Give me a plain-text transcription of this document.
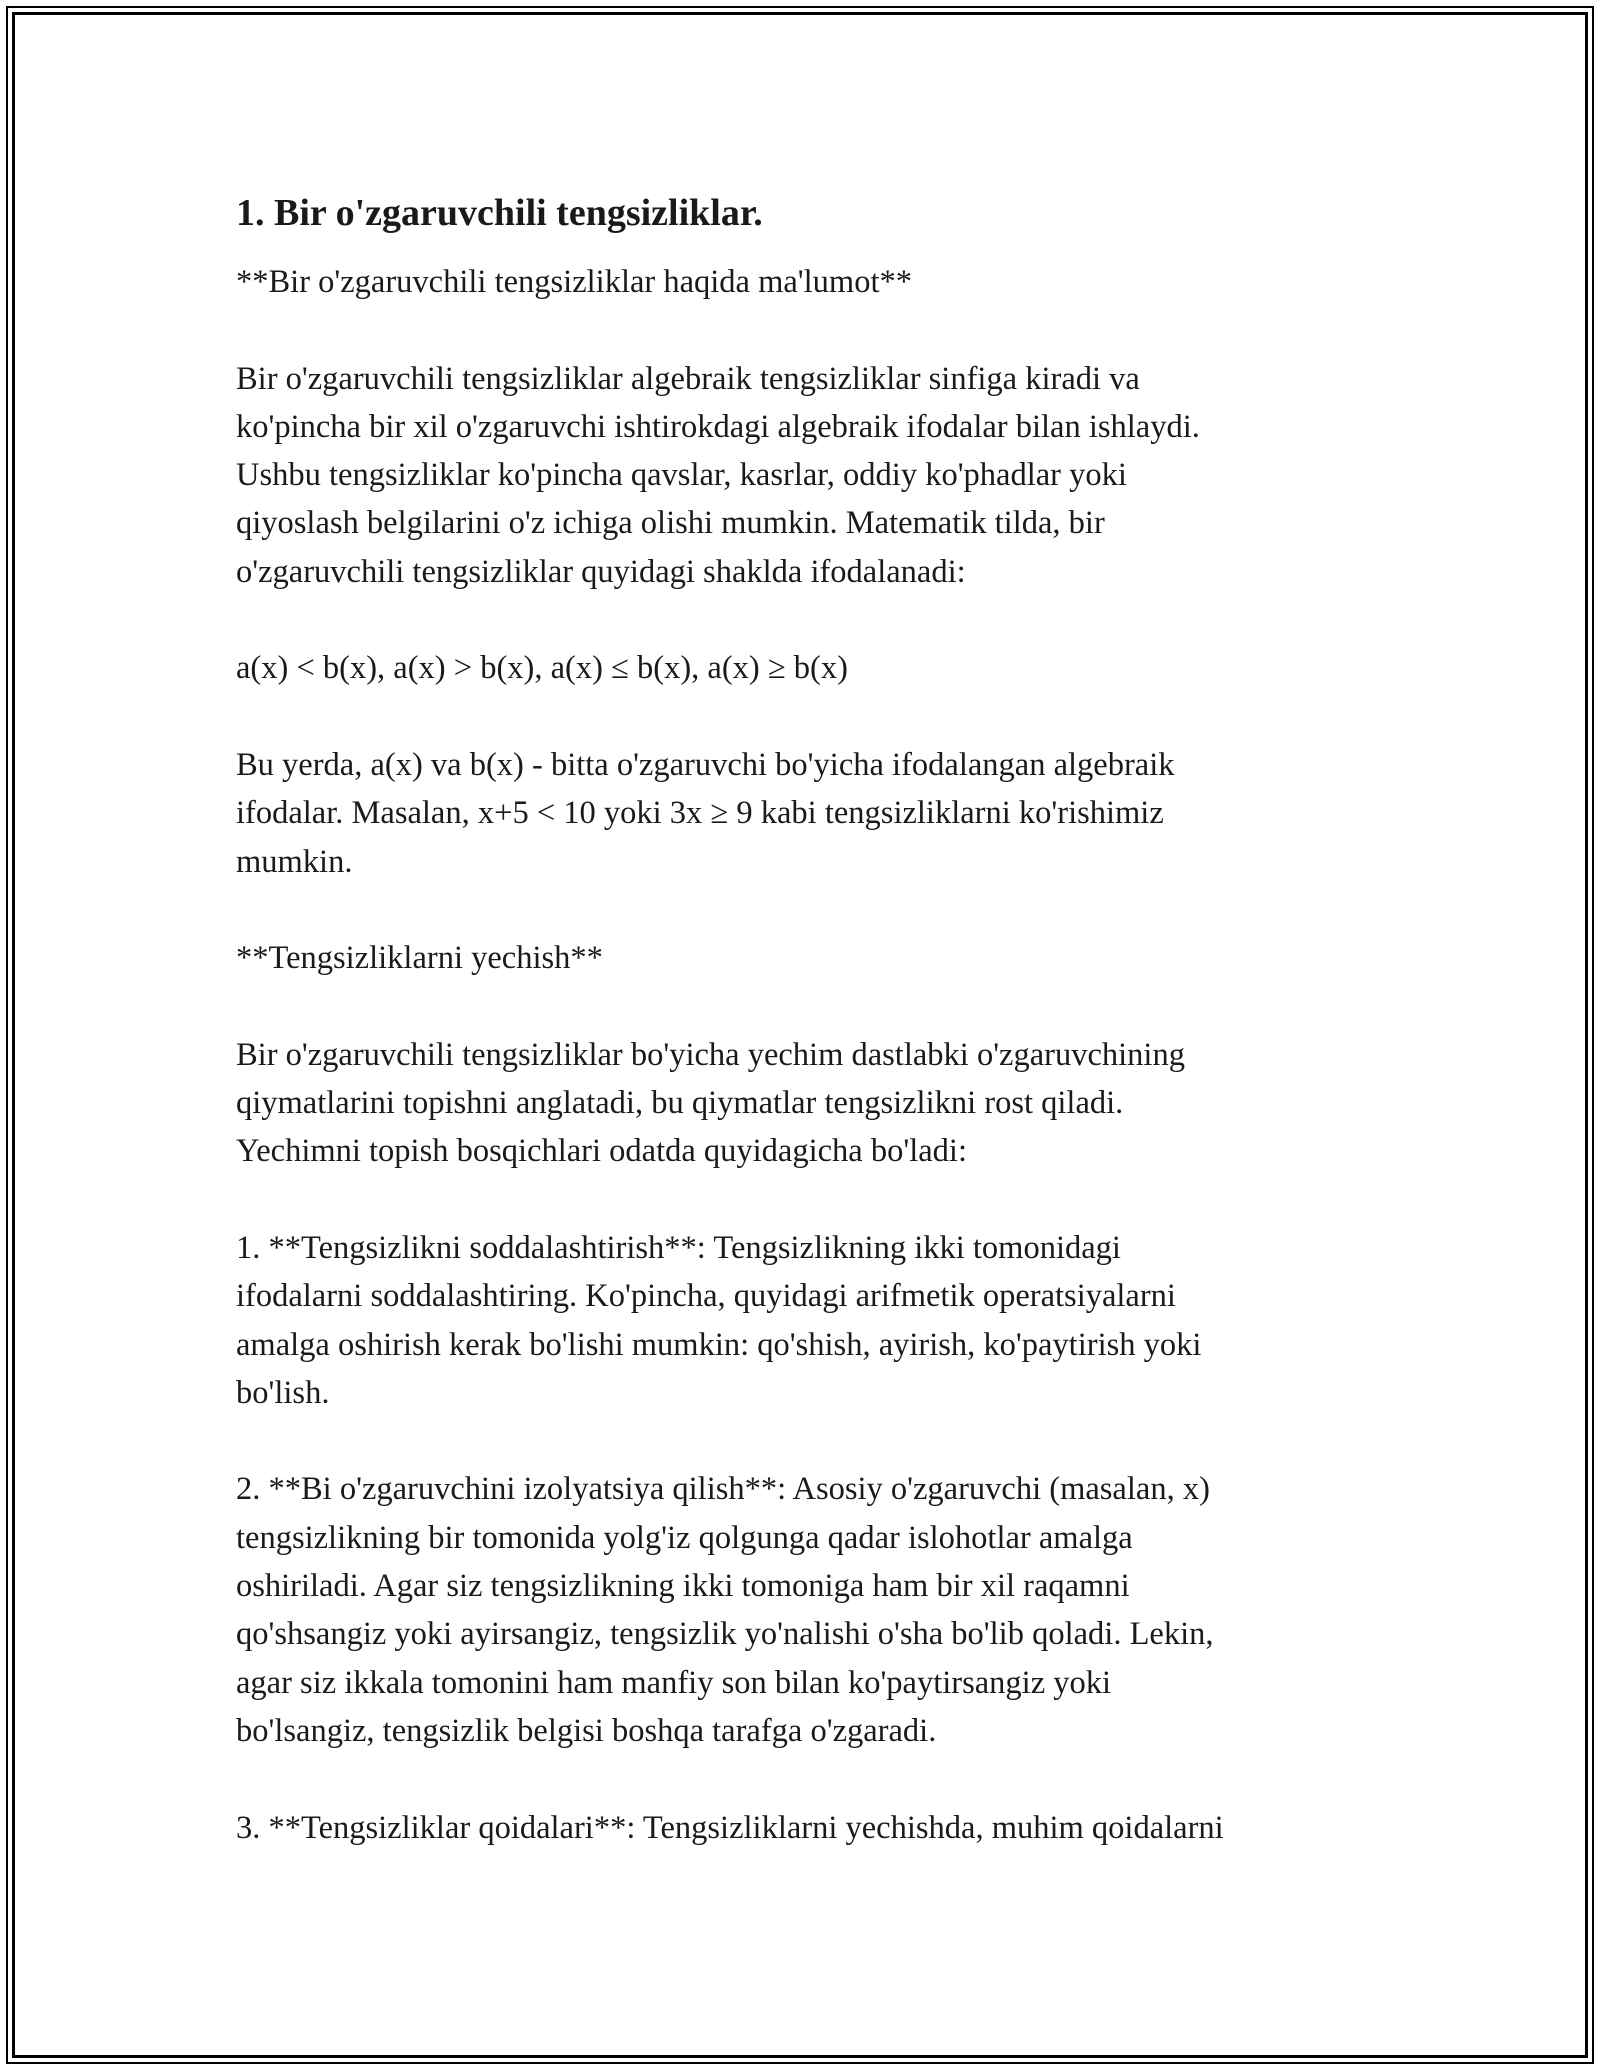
1. Bir o'zgaruvchili tengsizliklar.

**Bir o'zgaruvchili tengsizliklar haqida ma'lumot**

Bir o'zgaruvchili tengsizliklar algebraik tengsizliklar sinfiga kiradi va
ko'pincha bir xil o'zgaruvchi ishtirokdagi algebraik ifodalar bilan ishlaydi.
Ushbu tengsizliklar ko'pincha qavslar, kasrlar, oddiy ko'phadlar yoki
qiyoslash belgilarini o'z ichiga olishi mumkin. Matematik tilda, bir
o'zgaruvchili tengsizliklar quyidagi shaklda ifodalanadi:

a(x) < b(x), a(x) > b(x), a(x) ≤ b(x), a(x) ≥ b(x)

Bu yerda, a(x) va b(x) - bitta o'zgaruvchi bo'yicha ifodalangan algebraik
ifodalar. Masalan, x+5 < 10 yoki 3x ≥ 9 kabi tengsizliklarni ko'rishimiz
mumkin.

**Tengsizliklarni yechish**

Bir o'zgaruvchili tengsizliklar bo'yicha yechim dastlabki o'zgaruvchining
qiymatlarini topishni anglatadi, bu qiymatlar tengsizlikni rost qiladi.
Yechimni topish bosqichlari odatda quyidagicha bo'ladi:

1. **Tengsizlikni soddalashtirish**: Tengsizlikning ikki tomonidagi
ifodalarni soddalashtiring. Ko'pincha, quyidagi arifmetik operatsiyalarni
amalga oshirish kerak bo'lishi mumkin: qo'shish, ayirish, ko'paytirish yoki
bo'lish.

2. **Bi o'zgaruvchini izolyatsiya qilish**: Asosiy o'zgaruvchi (masalan, x)
tengsizlikning bir tomonida yolg'iz qolgunga qadar islohotlar amalga
oshiriladi. Agar siz tengsizlikning ikki tomoniga ham bir xil raqamni
qo'shsangiz yoki ayirsangiz, tengsizlik yo'nalishi o'sha bo'lib qoladi. Lekin,
agar siz ikkala tomonini ham manfiy son bilan ko'paytirsangiz yoki
bo'lsangiz, tengsizlik belgisi boshqa tarafga o'zgaradi.

3. **Tengsizliklar qoidalari**: Tengsizliklarni yechishda, muhim qoidalarni
